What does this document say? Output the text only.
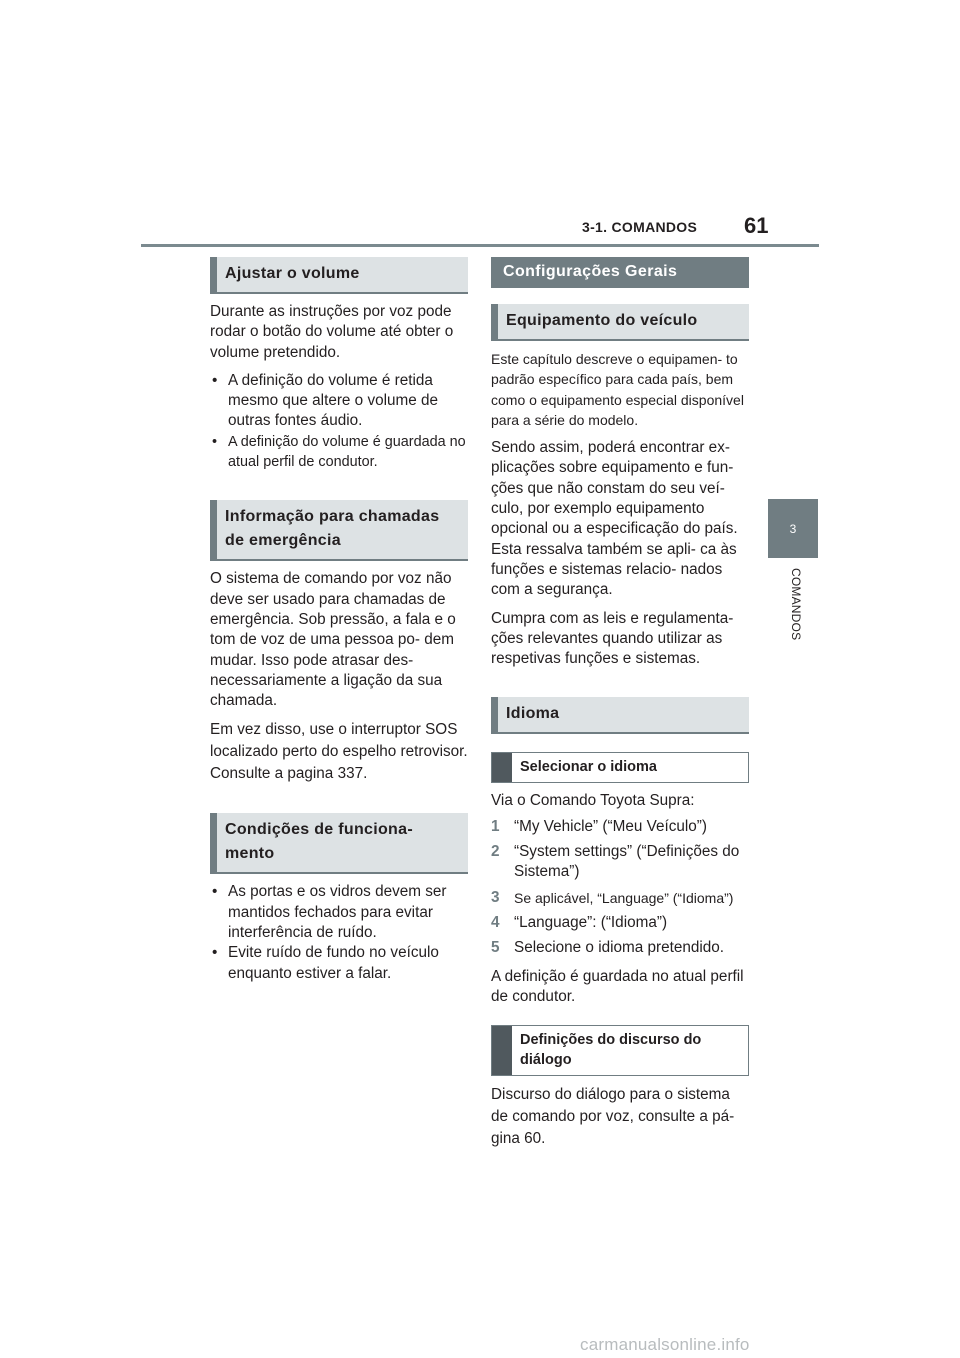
3-1. COMANDOS 61
3
COMANDOS
Ajustar o volume

Durante as instruções por voz pode rodar o botão do volume até obter o volume pretendido.

• A definição do volume é retida mesmo que altere o volume de outras fontes áudio.
• A definição do volume é guardada no atual perfil de condutor.
Informação para chamadas de emergência

O sistema de comando por voz não deve ser usado para chamadas de emergência. Sob pressão, a fala e o tom de voz de uma pessoa po- dem mudar. Isso pode atrasar des- necessariamente a ligação da sua chamada.

Em vez disso, use o interruptor SOS localizado perto do espelho retrovisor. Consulte a pagina 337.

Condições de funciona- mento
• As portas e os vidros devem ser mantidos fechados para evitar interferência de ruído.
• Evite ruído de fundo no veículo enquanto estiver a falar.
Configurações Gerais
Equipamento do veículo

Este capítulo descreve o equipamen- to padrão específico para cada país, bem como o equipamento especial disponível para a série do modelo.

Sendo assim, poderá encontrar ex- plicações sobre equipamento e fun- ções que não constam do seu veí- culo, por exemplo equipamento opcional ou a especificação do país. Esta ressalva também se apli- ca às funções e sistemas relacio- nados com a segurança.

Cumpra com as leis e regulamenta- ções relevantes quando utilizar as respetivas funções e sistemas.

Idioma
Selecionar o idioma

Via o Comando Toyota Supra:

1 “My Vehicle” (“Meu Veículo”)
2 “System settings” (“Definições do Sistema”)
3 Se aplicável, “Language” (“Idioma”)
4 “Language”: (“Idioma”)
5 Selecione o idioma pretendido.

A definição é guardada no atual perfil de condutor.

Definições do discurso do diálogo

Discurso do diálogo para o sistema de comando por voz, consulte a pá- gina 60.

carmanualsonline.info
